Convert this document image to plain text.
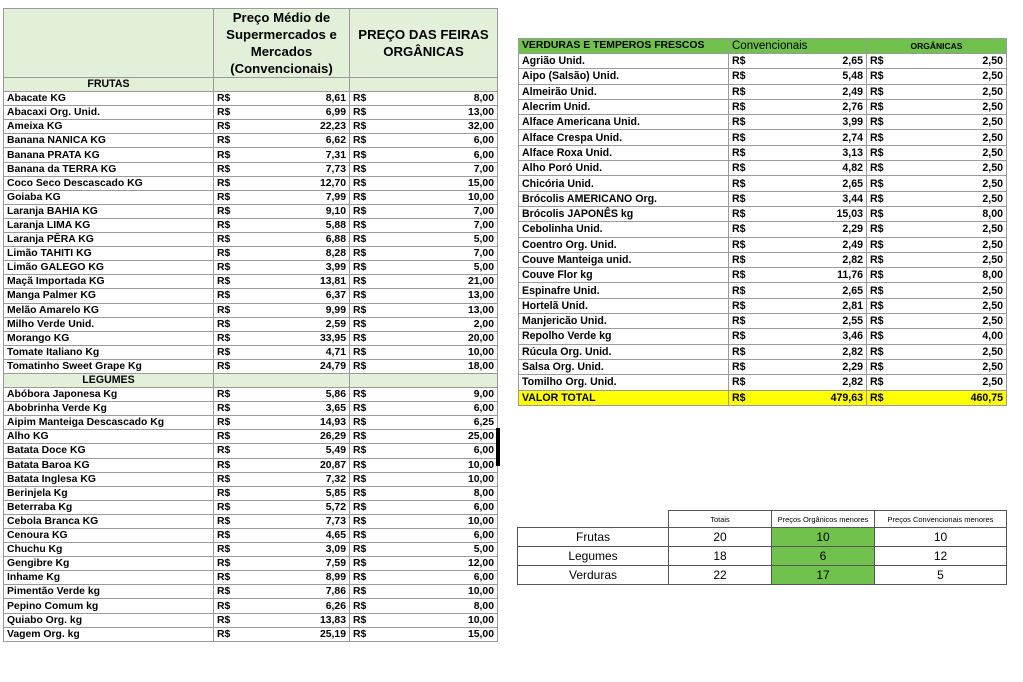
	Preço Médio de Supermercados e Mercados (Convencionais)		PREÇO DAS FEIRAS ORGÂNICAS	
FRUTAS				
Abacate KG	R$	8,61	R$	8,00
Abacaxi Org. Unid.	R$	6,99	R$	13,00
Ameixa KG	R$	22,23	R$	32,00
Banana NANICA KG	R$	6,62	R$	6,00
Banana PRATA KG	R$	7,31	R$	6,00
Banana da TERRA KG	R$	7,73	R$	7,00
Coco Seco Descascado KG	R$	12,70	R$	15,00
Goiaba KG	R$	7,99	R$	10,00
Laranja BAHIA KG	R$	9,10	R$	7,00
Laranja LIMA KG	R$	5,88	R$	7,00
Laranja PÊRA KG	R$	6,88	R$	5,00
Limão TAHITI KG	R$	8,28	R$	7,00
Limão GALEGO KG	R$	3,99	R$	5,00
Maçã Importada KG	R$	13,81	R$	21,00
Manga Palmer KG	R$	6,37	R$	13,00
Melão Amarelo KG	R$	9,99	R$	13,00
Milho Verde Unid.	R$	2,59	R$	2,00
Morango KG	R$	33,95	R$	20,00
Tomate Italiano Kg	R$	4,71	R$	10,00
Tomatinho Sweet Grape Kg	R$	24,79	R$	18,00
LEGUMES				
Abóbora Japonesa Kg	R$	5,86	R$	9,00
Abobrinha Verde Kg	R$	3,65	R$	6,00
Aipim Manteiga Descascado Kg	R$	14,93	R$	6,25
Alho KG	R$	26,29	R$	25,00
Batata Doce KG	R$	5,49	R$	6,00
Batata Baroa KG	R$	20,87	R$	10,00
Batata Inglesa KG	R$	7,32	R$	10,00
Berinjela Kg	R$	5,85	R$	8,00
Beterraba Kg	R$	5,72	R$	6,00
Cebola Branca KG	R$	7,73	R$	10,00
Cenoura KG	R$	4,65	R$	6,00
Chuchu Kg	R$	3,09	R$	5,00
Gengibre Kg	R$	7,59	R$	12,00
Inhame Kg	R$	8,99	R$	6,00
Pimentão Verde kg	R$	7,86	R$	10,00
Pepino Comum kg	R$	6,26	R$	8,00
Quiabo Org. kg	R$	13,83	R$	10,00
Vagem Org. kg	R$	25,19	R$	15,00
VERDURAS E TEMPEROS FRESCOS	Convencionais		ORGÂNICAS	
Agrião Unid.	R$	2,65	R$	2,50
Aipo (Salsão) Unid.	R$	5,48	R$	2,50
Almeirão Unid.	R$	2,49	R$	2,50
Alecrim Unid.	R$	2,76	R$	2,50
Alface Americana Unid.	R$	3,99	R$	2,50
Alface Crespa Unid.	R$	2,74	R$	2,50
Alface Roxa Unid.	R$	3,13	R$	2,50
Alho Poró Unid.	R$	4,82	R$	2,50
Chicória Unid.	R$	2,65	R$	2,50
Brócolis AMERICANO Org.	R$	3,44	R$	2,50
Brócolis JAPONÊS kg	R$	15,03	R$	8,00
Cebolinha Unid.	R$	2,29	R$	2,50
Coentro Org. Unid.	R$	2,49	R$	2,50
Couve Manteiga unid.	R$	2,82	R$	2,50
Couve Flor kg	R$	11,76	R$	8,00
Espinafre Unid.	R$	2,65	R$	2,50
Hortelã Unid.	R$	2,81	R$	2,50
Manjericão Unid.	R$	2,55	R$	2,50
Repolho Verde kg	R$	3,46	R$	4,00
Rúcula Org. Unid.	R$	2,82	R$	2,50
Salsa Org. Unid.	R$	2,29	R$	2,50
Tomilho Org. Unid.	R$	2,82	R$	2,50
VALOR TOTAL	R$	479,63	R$	460,75
	Totais	Preços Orgânicos menores	Preços Convencionais menores
Frutas	20	10	10
Legumes	18	6	12
Verduras	22	17	5
